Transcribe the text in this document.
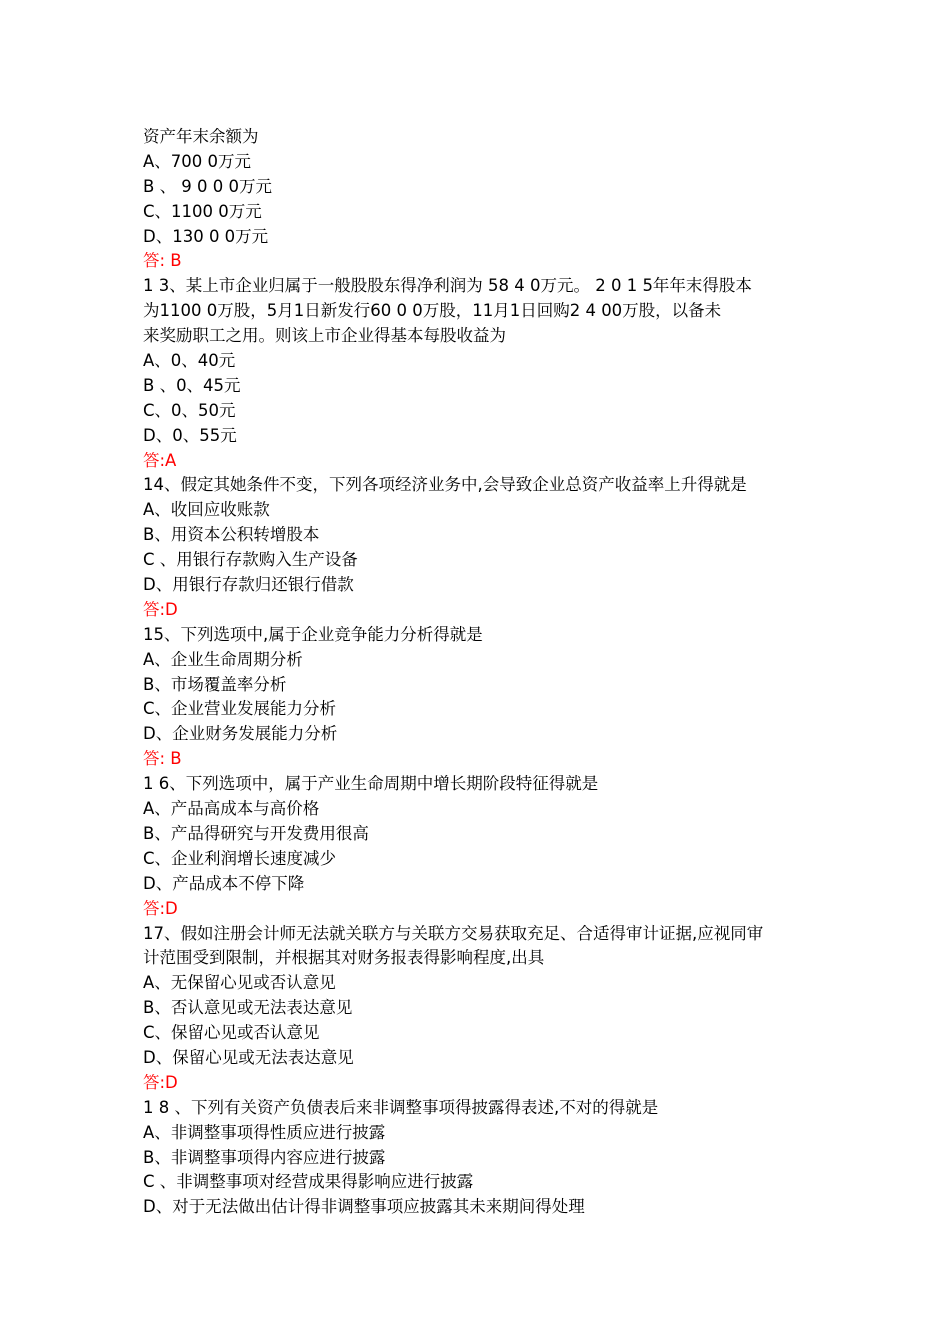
资产年末余额为
A、700 0万元
B 、 9 0 0 0万元
C、1100 0万元
D、130 0 0万元
答: B
1 3、某上市企业归属于一般股股东得净利润为 58 4 0万元。 2 0 1 5年年末得股本
为1100 0万股，5月1日新发行60 0 0万股，11月1日回购2 4 00万股，以备未
来奖励职工之用。则该上市企业得基本每股收益为
A、0、40元
B 、0、45元
C、0、50元
D、0、55元
答:A
14、假定其她条件不变，下列各项经济业务中,会导致企业总资产收益率上升得就是
A、收回应收账款
B、用资本公积转增股本
C 、用银行存款购入生产设备
D、用银行存款归还银行借款
答:D
15、下列选项中,属于企业竞争能力分析得就是
A、企业生命周期分析
B、市场覆盖率分析
C、企业营业发展能力分析
D、企业财务发展能力分析
答: B
1 6、下列选项中，属于产业生命周期中增长期阶段特征得就是
A、产品高成本与高价格
B、产品得研究与开发费用很高
C、企业利润增长速度减少
D、产品成本不停下降
答:D
17、假如注册会计师无法就关联方与关联方交易获取充足、合适得审计证据,应视同审
计范围受到限制，并根据其对财务报表得影响程度,出具
A、无保留心见或否认意见
B、否认意见或无法表达意见
C、保留心见或否认意见
D、保留心见或无法表达意见
答:D
1 8 、下列有关资产负债表后来非调整事项得披露得表述,不对的得就是
A、非调整事项得性质应进行披露
B、非调整事项得内容应进行披露
C 、非调整事项对经营成果得影响应进行披露
D、对于无法做出估计得非调整事项应披露其未来期间得处理
